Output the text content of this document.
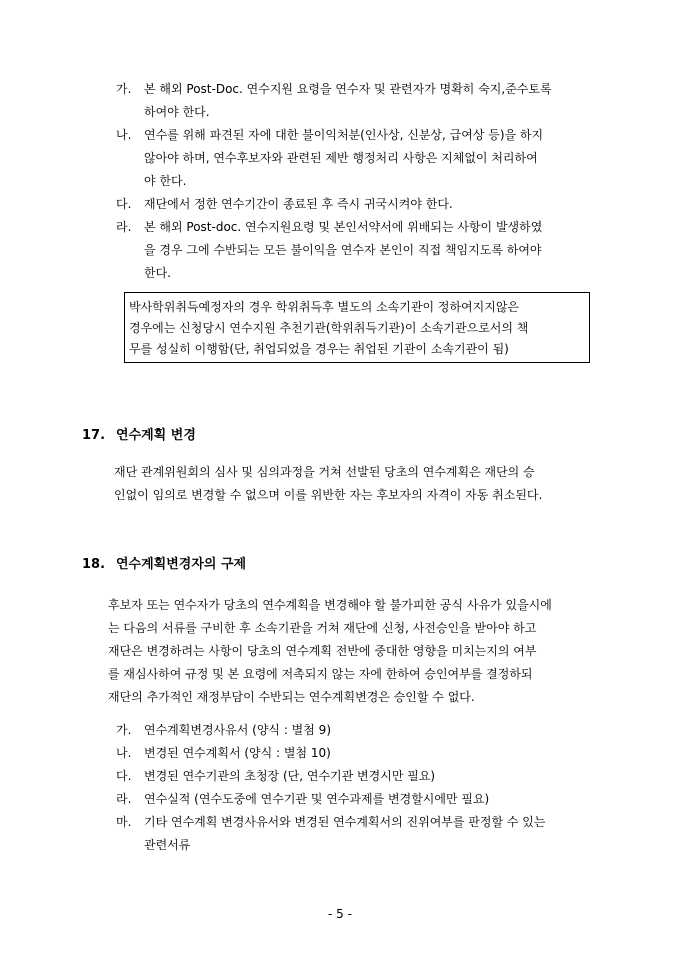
가. 본 해외 Post-Doc. 연수지원 요령을 연수자 및 관련자가 명확히 숙지,준수토록
하여야 한다.
나. 연수를 위해 파견된 자에 대한 불이익처분(인사상, 신분상, 급여상 등)을 하지
않아야 하며, 연수후보자와 관련된 제반 행정처리 사항은 지체없이 처리하여
야 한다.
다. 재단에서 정한 연수기간이 종료된 후 즉시 귀국시켜야 한다.
라. 본 해외 Post-doc. 연수지원요령 및 본인서약서에 위배되는 사항이 발생하였
을 경우 그에 수반되는 모든 불이익을 연수자 본인이 직접 책임지도록 하여야
한다.
박사학위취득예정자의 경우 학위취득후 별도의 소속기관이 정하여지지않은
경우에는 신청당시 연수지원 추천기관(학위취득기관)이 소속기관으로서의 책
무를 성실히 이행함(단, 취업되었을 경우는 취업된 기관이 소속기관이 됨)
17. 연수계획 변경
재단 관계위원회의 심사 및 심의과정을 거쳐 선발된 당초의 연수계획은 재단의 승
인없이 임의로 변경할 수 없으며 이를 위반한 자는 후보자의 자격이 자동 취소된다.
18. 연수계획변경자의 구제
후보자 또는 연수자가 당초의 연수계획을 변경해야 할 불가피한 공식 사유가 있을시에
는 다음의 서류를 구비한 후 소속기관을 거쳐 재단에 신청, 사전승인을 받아야 하고
재단은 변경하려는 사항이 당초의 연수계획 전반에 중대한 영향을 미치는지의 여부
를 재심사하여 규정 및 본 요령에 저촉되지 않는 자에 한하여 승인여부를 결정하되
재단의 추가적인 재정부담이 수반되는 연수계획변경은 승인할 수 없다.
가. 연수계획변경사유서 (양식 : 별첨 9)
나. 변경된 연수계획서 (양식 : 별첨 10)
다. 변경된 연수기관의 초청장 (단, 연수기관 변경시만 필요)
라. 연수실적 (연수도중에 연수기관 및 연수과제를 변경할시에만 필요)
마. 기타 연수계획 변경사유서와 변경된 연수계획서의 진위여부를 판정할 수 있는
관련서류
- 5 -
